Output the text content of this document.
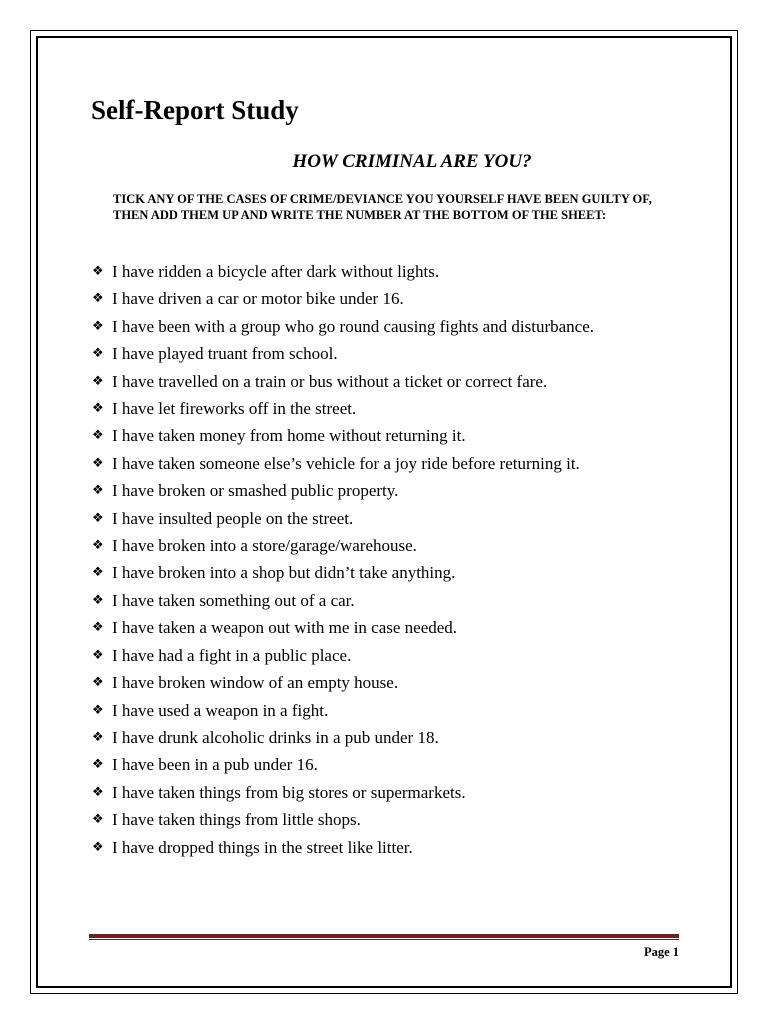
Self-Report Study
HOW CRIMINAL ARE YOU?

TICK ANY OF THE CASES OF CRIME/DEVIANCE YOU YOURSELF HAVE BEEN GUILTY OF, THEN ADD THEM UP AND WRITE THE NUMBER AT THE BOTTOM OF THE SHEET:

❖ I have ridden a bicycle after dark without lights.
❖ I have driven a car or motor bike under 16.
❖ I have been with a group who go round causing fights and disturbance.
❖ I have played truant from school.
❖ I have travelled on a train or bus without a ticket or correct fare.
❖ I have let fireworks off in the street.
❖ I have taken money from home without returning it.
❖ I have taken someone else’s vehicle for a joy ride before returning it.
❖ I have broken or smashed public property.
❖ I have insulted people on the street.
❖ I have broken into a store/garage/warehouse.
❖ I have broken into a shop but didn’t take anything.
❖ I have taken something out of a car.
❖ I have taken a weapon out with me in case needed.
❖ I have had a fight in a public place.
❖ I have broken window of an empty house.
❖ I have used a weapon in a fight.
❖ I have drunk alcoholic drinks in a pub under 18.
❖ I have been in a pub under 16.
❖ I have taken things from big stores or supermarkets.
❖ I have taken things from little shops.
❖ I have dropped things in the street like litter.
Page 1
